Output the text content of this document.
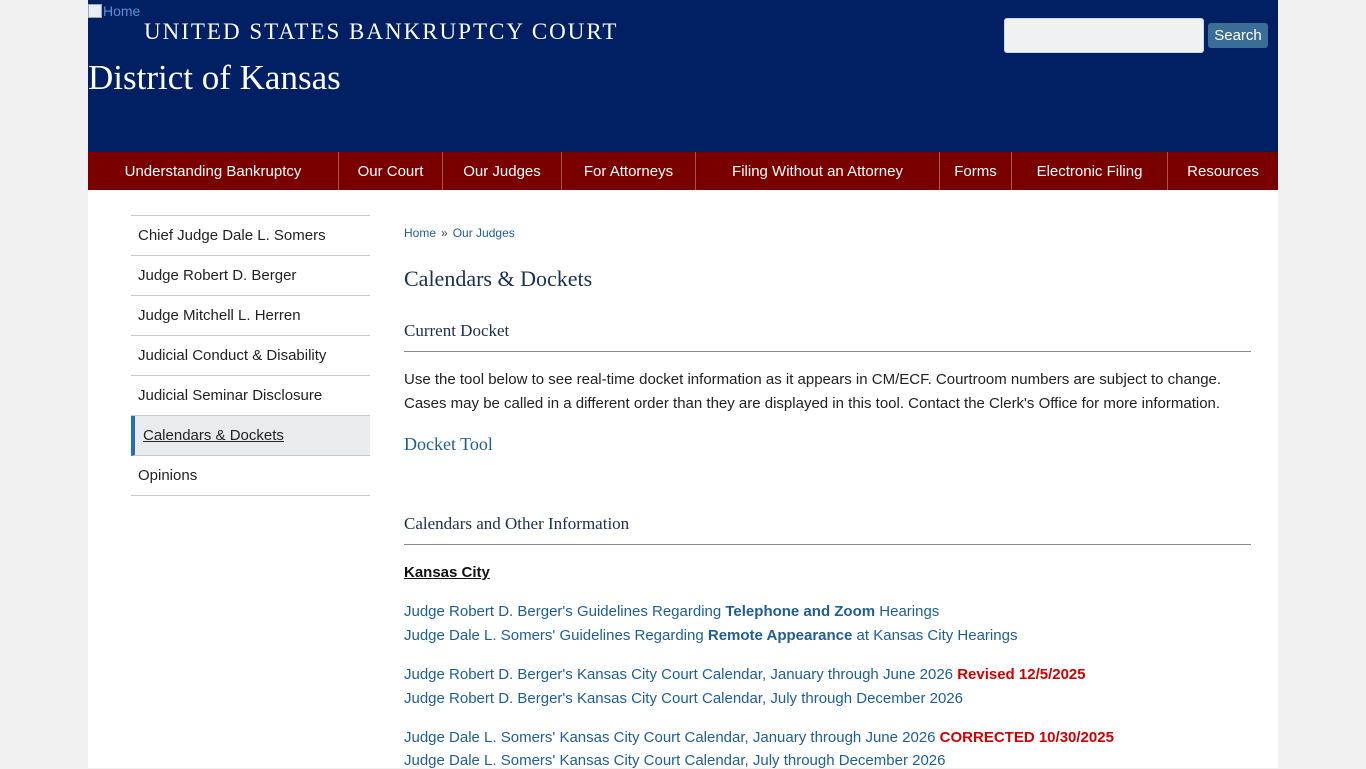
Home
UNITED STATES BANKRUPTCY COURT
District of Kansas
Search
Understanding Bankruptcy	Our Court	Our Judges	For Attorneys	Filing Without an Attorney	Forms	Electronic Filing	Resources
Chief Judge Dale L. Somers
Judge Robert D. Berger
Judge Mitchell L. Herren
Judicial Conduct & Disability
Judicial Seminar Disclosure
Calendars & Dockets
Opinions
Home » Our Judges
Calendars & Dockets
Current Docket
Use the tool below to see real-time docket information as it appears in CM/ECF. Courtroom numbers are subject to change.
Cases may be called in a different order than they are displayed in this tool. Contact the Clerk's Office for more information.
Docket Tool
Calendars and Other Information
Kansas City
Judge Robert D. Berger's Guidelines Regarding Telephone and Zoom Hearings
Judge Dale L. Somers' Guidelines Regarding Remote Appearance at Kansas City Hearings
Judge Robert D. Berger's Kansas City Court Calendar, January through June 2026 Revised 12/5/2025
Judge Robert D. Berger's Kansas City Court Calendar, July through December 2026
Judge Dale L. Somers' Kansas City Court Calendar, January through June 2026 CORRECTED 10/30/2025
Judge Dale L. Somers' Kansas City Court Calendar, July through December 2026
